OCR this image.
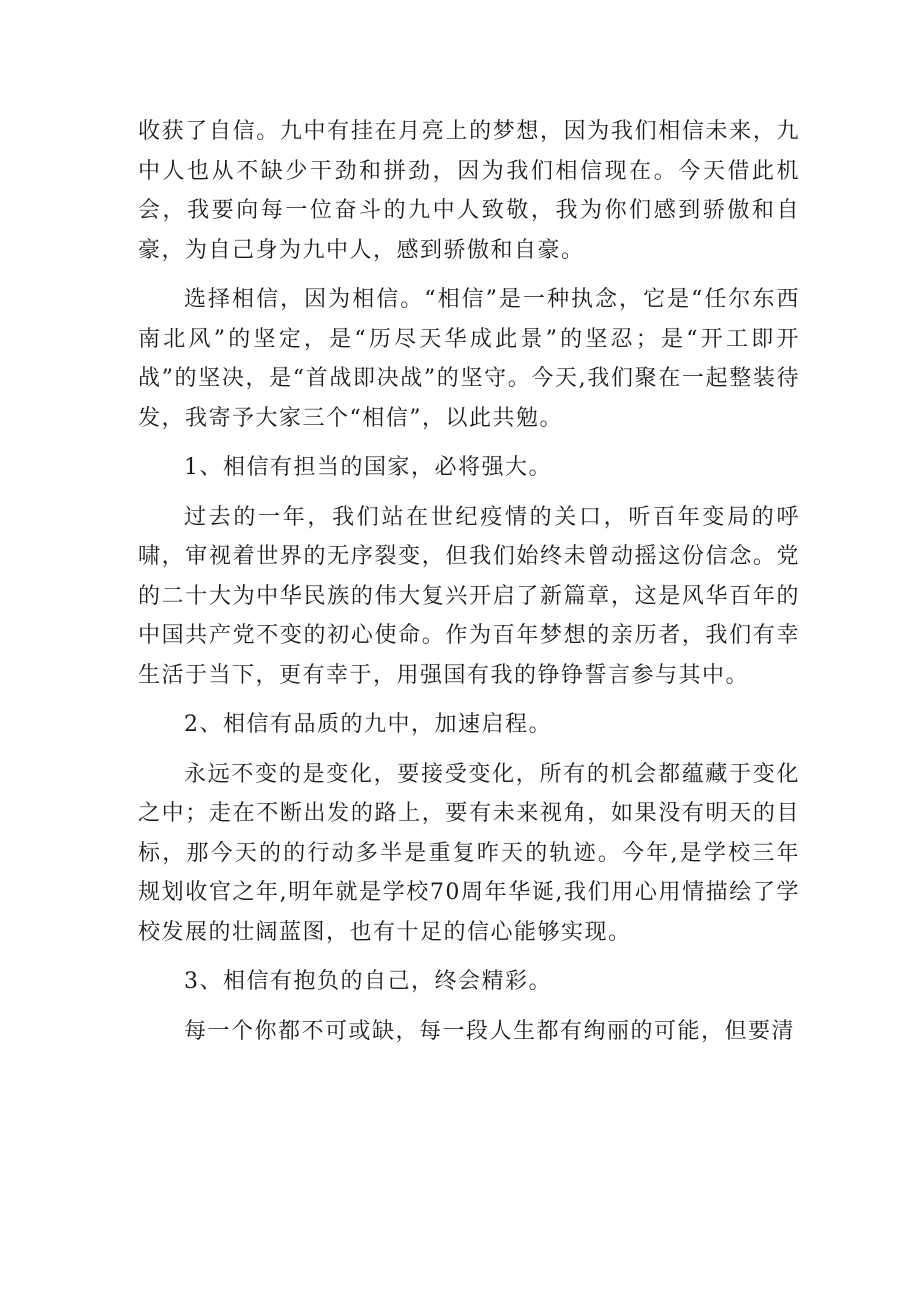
收获了自信。九中有挂在月亮上的梦想，因为我们相信未来，九中人也从不缺少干劲和拼劲，因为我们相信现在。今天借此机会，我要向每一位奋斗的九中人致敬，我为你们感到骄傲和自豪，为自己身为九中人，感到骄傲和自豪。

选择相信，因为相信。“相信”是一种执念，它是“任尔东西南北风”的坚定，是“历尽天华成此景”的坚忍；是“开工即开战”的坚决，是“首战即决战”的坚守。今天,我们聚在一起整装待发，我寄予大家三个“相信”，以此共勉。

1、相信有担当的国家，必将强大。

过去的一年，我们站在世纪疫情的关口，听百年变局的呼啸，审视着世界的无序裂变，但我们始终未曾动摇这份信念。党的二十大为中华民族的伟大复兴开启了新篇章，这是风华百年的中国共产党不变的初心使命。作为百年梦想的亲历者，我们有幸生活于当下，更有幸于，用强国有我的铮铮誓言参与其中。

2、相信有品质的九中，加速启程。

永远不变的是变化，要接受变化，所有的机会都蕴藏于变化之中；走在不断出发的路上，要有未来视角，如果没有明天的目标，那今天的的行动多半是重复昨天的轨迹。今年,是学校三年规划收官之年,明年就是学校70周年华诞,我们用心用情描绘了学校发展的壮阔蓝图，也有十足的信心能够实现。

3、相信有抱负的自己，终会精彩。

每一个你都不可或缺，每一段人生都有绚丽的可能，但要清
